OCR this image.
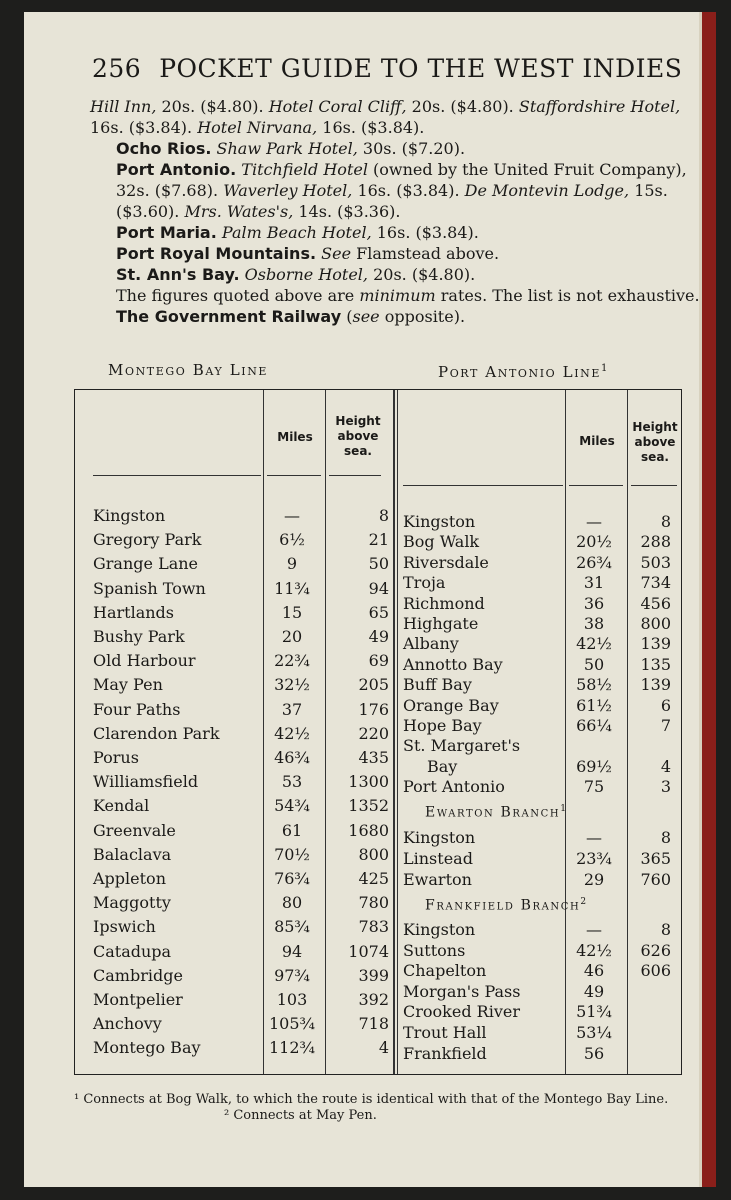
256 POCKET GUIDE TO THE WEST INDIES

Hill Inn, 20s. ($4.80). Hotel Coral Cliff, 20s. ($4.80). Staffordshire Hotel, 16s. ($3.84). Hotel Nirvana, 16s. ($3.84).

Ocho Rios. Shaw Park Hotel, 30s. ($7.20).

Port Antonio. Titchfield Hotel (owned by the United Fruit Company), 32s. ($7.68). Waverley Hotel, 16s. ($3.84). De Montevin Lodge, 15s. ($3.60). Mrs. Wates's, 14s. ($3.36).

Port Maria. Palm Beach Hotel, 16s. ($3.84).

Port Royal Mountains. See Flamstead above.

St. Ann's Bay. Osborne Hotel, 20s. ($4.80).

The figures quoted above are minimum rates. The list is not exhaustive.

The Government Railway (see opposite).

Montego Bay Line	Port Antonio Line$^1$
Miles
Height above sea.
Miles
Height above sea.
Kingston	—	8
Gregory Park	6½	21
Grange Lane	9	50
Spanish Town	11¾	94
Hartlands	15	65
Bushy Park	20	49
Old Harbour	22¾	69
May Pen	32½	205
Four Paths	37	176
Clarendon Park	42½	220
Porus	46¾	435
Williamsfield	53	1300
Kendal	54¾	1352
Greenvale	61	1680
Balaclava	70½	800
Appleton	76¾	425
Maggotty	80	780
Ipswich	85¾	783
Catadupa	94	1074
Cambridge	97¾	399
Montpelier	103	392
Anchovy	105¾	718
Montego Bay	112¾	4
Kingston	—	8
Bog Walk	20½	288
Riversdale	26¾	503
Troja	31	734
Richmond	36	456
Highgate	38	800
Albany	42½	139
Annotto Bay	50	135
Buff Bay	58½	139
Orange Bay	61½	6
Hope Bay	66¼	7
St. Margaret's
Bay	69½	4
Port Antonio	75	3
Ewarton Branch$^1$
Kingston	—	8
Linstead	23¾	365
Ewarton	29	760
Frankfield Branch$^2$
Kingston	—	8
Suttons	42½	626
Chapelton	46	606
Morgan's Pass	49
Crooked River	51¾
Trout Hall	53¼
Frankfield	56
¹ Connects at Bog Walk, to which the route is identical with that of the Montego Bay Line.
² Connects at May Pen.
